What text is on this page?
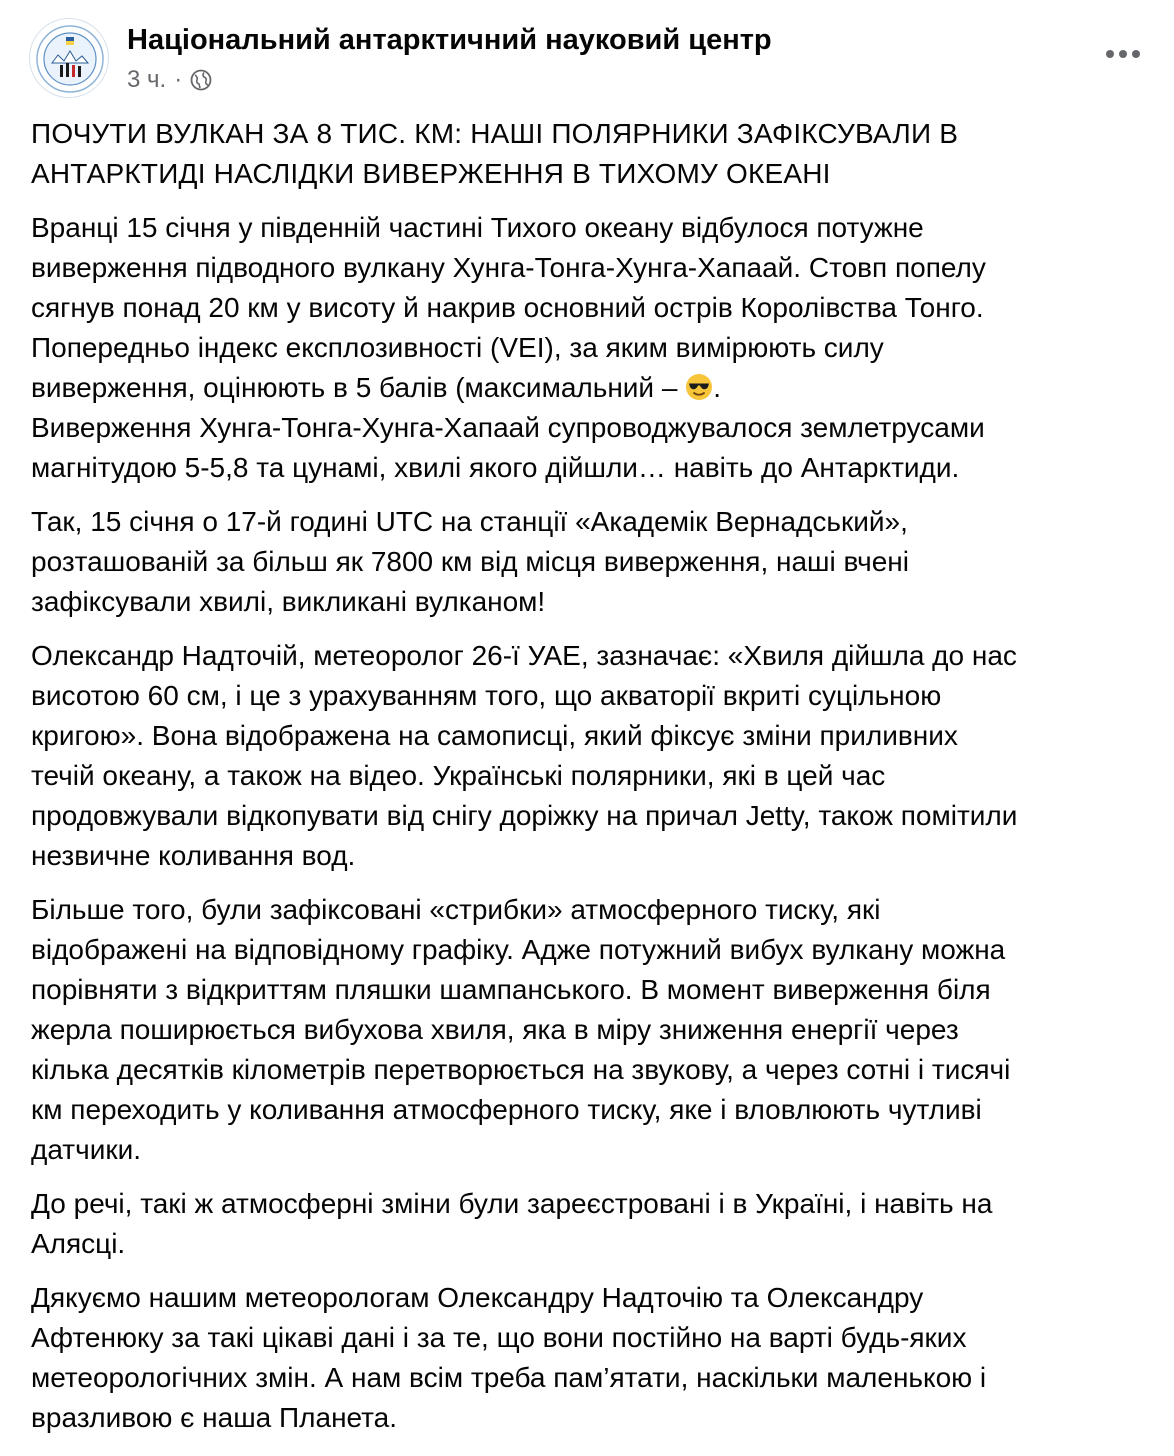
Національний антарктичний науковий центр
3 ч. ·
ПОЧУТИ ВУЛКАН ЗА 8 ТИС. КМ: НАШІ ПОЛЯРНИКИ ЗАФІКСУВАЛИ В
АНТАРКТИДІ НАСЛІДКИ ВИВЕРЖЕННЯ В ТИХОМУ ОКЕАНІ
Вранці 15 січня у південній частині Тихого океану відбулося потужне
виверження підводного вулкану Хунга-Тонга-Хунга-Хапаай. Стовп попелу
сягнув понад 20 км у висоту й накрив основний острів Королівства Тонго.
Попередньо індекс експлозивності (VEI), за яким вимірюють силу
виверження, оцінюють в 5 балів (максимальний – .
Виверження Хунга-Тонга-Хунга-Хапаай супроводжувалося землетрусами
магнітудою 5-5,8 та цунамі, хвилі якого дійшли… навіть до Антарктиди.
Так, 15 січня о 17-й годині UTC на станції «Академік Вернадський»,
розташованій за більш як 7800 км від місця виверження, наші вчені
зафіксували хвилі, викликані вулканом!
Олександр Надточій, метеоролог 26-ї УАЕ, зазначає: «Хвиля дійшла до нас
висотою 60 см, і це з урахуванням того, що акваторії вкриті суцільною
кригою». Вона відображена на самописці, який фіксує зміни приливних
течій океану, а також на відео. Українські полярники, які в цей час
продовжували відкопувати від снігу доріжку на причал Jetty, також помітили
незвичне коливання вод.
Більше того, були зафіксовані «стрибки» атмосферного тиску, які
відображені на відповідному графіку. Адже потужний вибух вулкану можна
порівняти з відкриттям пляшки шампанського. В момент виверження біля
жерла поширюється вибухова хвиля, яка в міру зниження енергії через
кілька десятків кілометрів перетворюється на звукову, а через сотні і тисячі
км переходить у коливання атмосферного тиску, яке і вловлюють чутливі
датчики.
До речі, такі ж атмосферні зміни були зареєстровані і в Україні, і навіть на
Алясці.
Дякуємо нашим метеорологам Олександру Надточію та Олександру
Афтенюку за такі цікаві дані і за те, що вони постійно на варті будь-яких
метеорологічних змін. А нам всім треба пам’ятати, наскільки маленькою і
вразливою є наша Планета.
